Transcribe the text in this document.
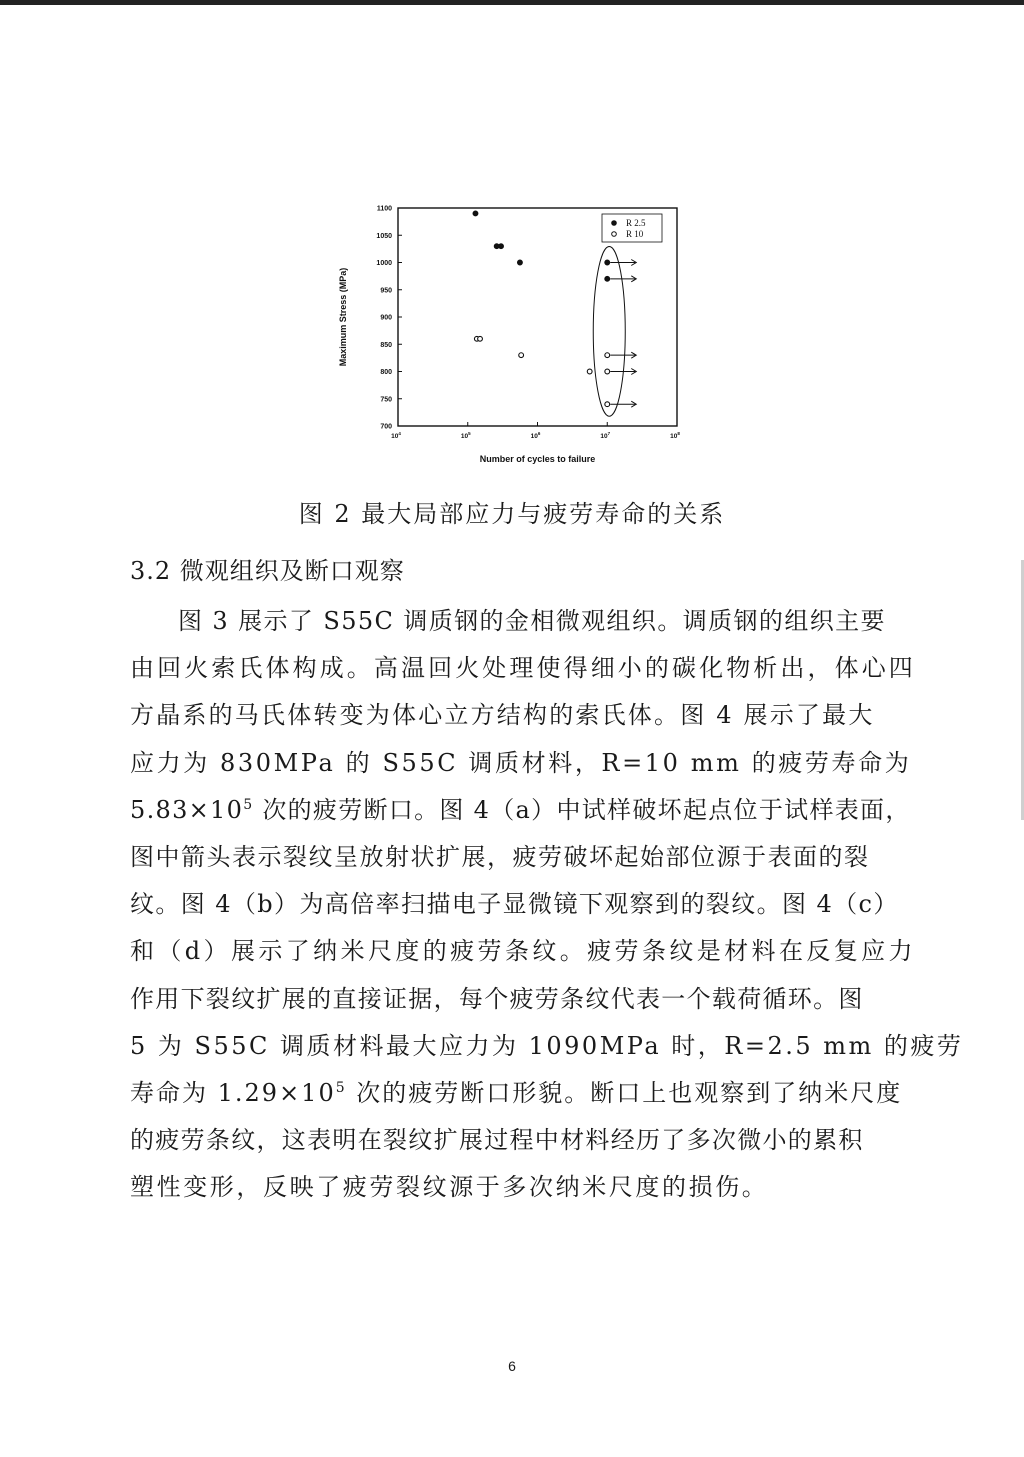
700
750
800
850
900
950
1000
1050
1100
$10^4$	$10^5$	$10^6$	$10^7$	$10^8$
Number of cycles to failure
Maximum Stress (MPa)
R 2.5
R 10
图 2 最大局部应力与疲劳寿命的关系
3.2 微观组织及断口观察
图 3 展示了 S55C 调质钢的金相微观组织。调质钢的组织主要
由回火索氏体构成。高温回火处理使得细小的碳化物析出，体心四
方晶系的马氏体转变为体心立方结构的索氏体。图 4 展示了最大
应力为 830MPa 的 S55C 调质材料，R=10 mm 的疲劳寿命为
$5.83\times 10^5$ 次的疲劳断口。图 4（a）中试样破坏起点位于试样表面，
图中箭头表示裂纹呈放射状扩展，疲劳破坏起始部位源于表面的裂
纹。图 4（b）为高倍率扫描电子显微镜下观察到的裂纹。图 4（c）
和（d）展示了纳米尺度的疲劳条纹。疲劳条纹是材料在反复应力
作用下裂纹扩展的直接证据，每个疲劳条纹代表一个载荷循环。图
5 为 S55C 调质材料最大应力为 1090MPa 时，R=2.5 mm 的疲劳
寿命为 $1.29\times 10^5$ 次的疲劳断口形貌。断口上也观察到了纳米尺度
的疲劳条纹，这表明在裂纹扩展过程中材料经历了多次微小的累积
塑性变形，反映了疲劳裂纹源于多次纳米尺度的损伤。
6
